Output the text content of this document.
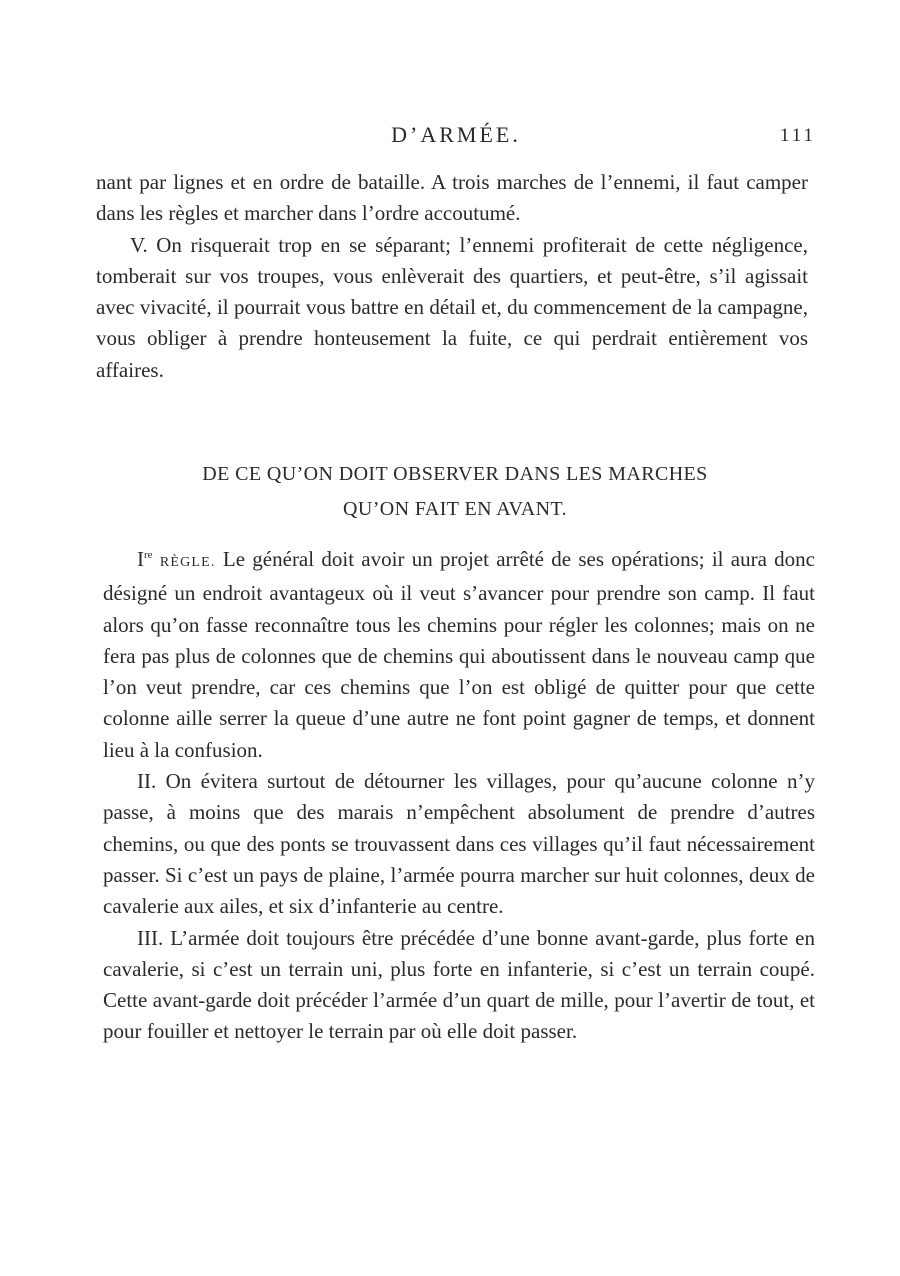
D’ARMÉE.	111

nant par lignes et en ordre de bataille. A trois marches de l’ennemi, il faut camper dans les règles et marcher dans l’ordre accoutumé.

V. On risquerait trop en se séparant; l’ennemi profiterait de cette négligence, tomberait sur vos troupes, vous enlèverait des quartiers, et peut-être, s’il agissait avec vivacité, il pourrait vous battre en détail et, du commencement de la campagne, vous obliger à prendre honteusement la fuite, ce qui perdrait entièrement vos affaires.

DE CE QU’ON DOIT OBSERVER DANS LES MARCHES
QU’ON FAIT EN AVANT.

Ire RÈGLE. Le général doit avoir un projet arrêté de ses opérations; il aura donc désigné un endroit avantageux où il veut s’avancer pour prendre son camp. Il faut alors qu’on fasse reconnaître tous les chemins pour régler les colonnes; mais on ne fera pas plus de colonnes que de chemins qui aboutissent dans le nouveau camp que l’on veut prendre, car ces chemins que l’on est obligé de quitter pour que cette colonne aille serrer la queue d’une autre ne font point gagner de temps, et donnent lieu à la confusion.

II. On évitera surtout de détourner les villages, pour qu’aucune colonne n’y passe, à moins que des marais n’empêchent absolument de prendre d’autres chemins, ou que des ponts se trouvassent dans ces villages qu’il faut nécessairement passer. Si c’est un pays de plaine, l’armée pourra marcher sur huit colonnes, deux de cavalerie aux ailes, et six d’infanterie au centre.

III. L’armée doit toujours être précédée d’une bonne avant-garde, plus forte en cavalerie, si c’est un terrain uni, plus forte en infanterie, si c’est un terrain coupé. Cette avant-garde doit précéder l’armée d’un quart de mille, pour l’avertir de tout, et pour fouiller et nettoyer le terrain par où elle doit passer.
